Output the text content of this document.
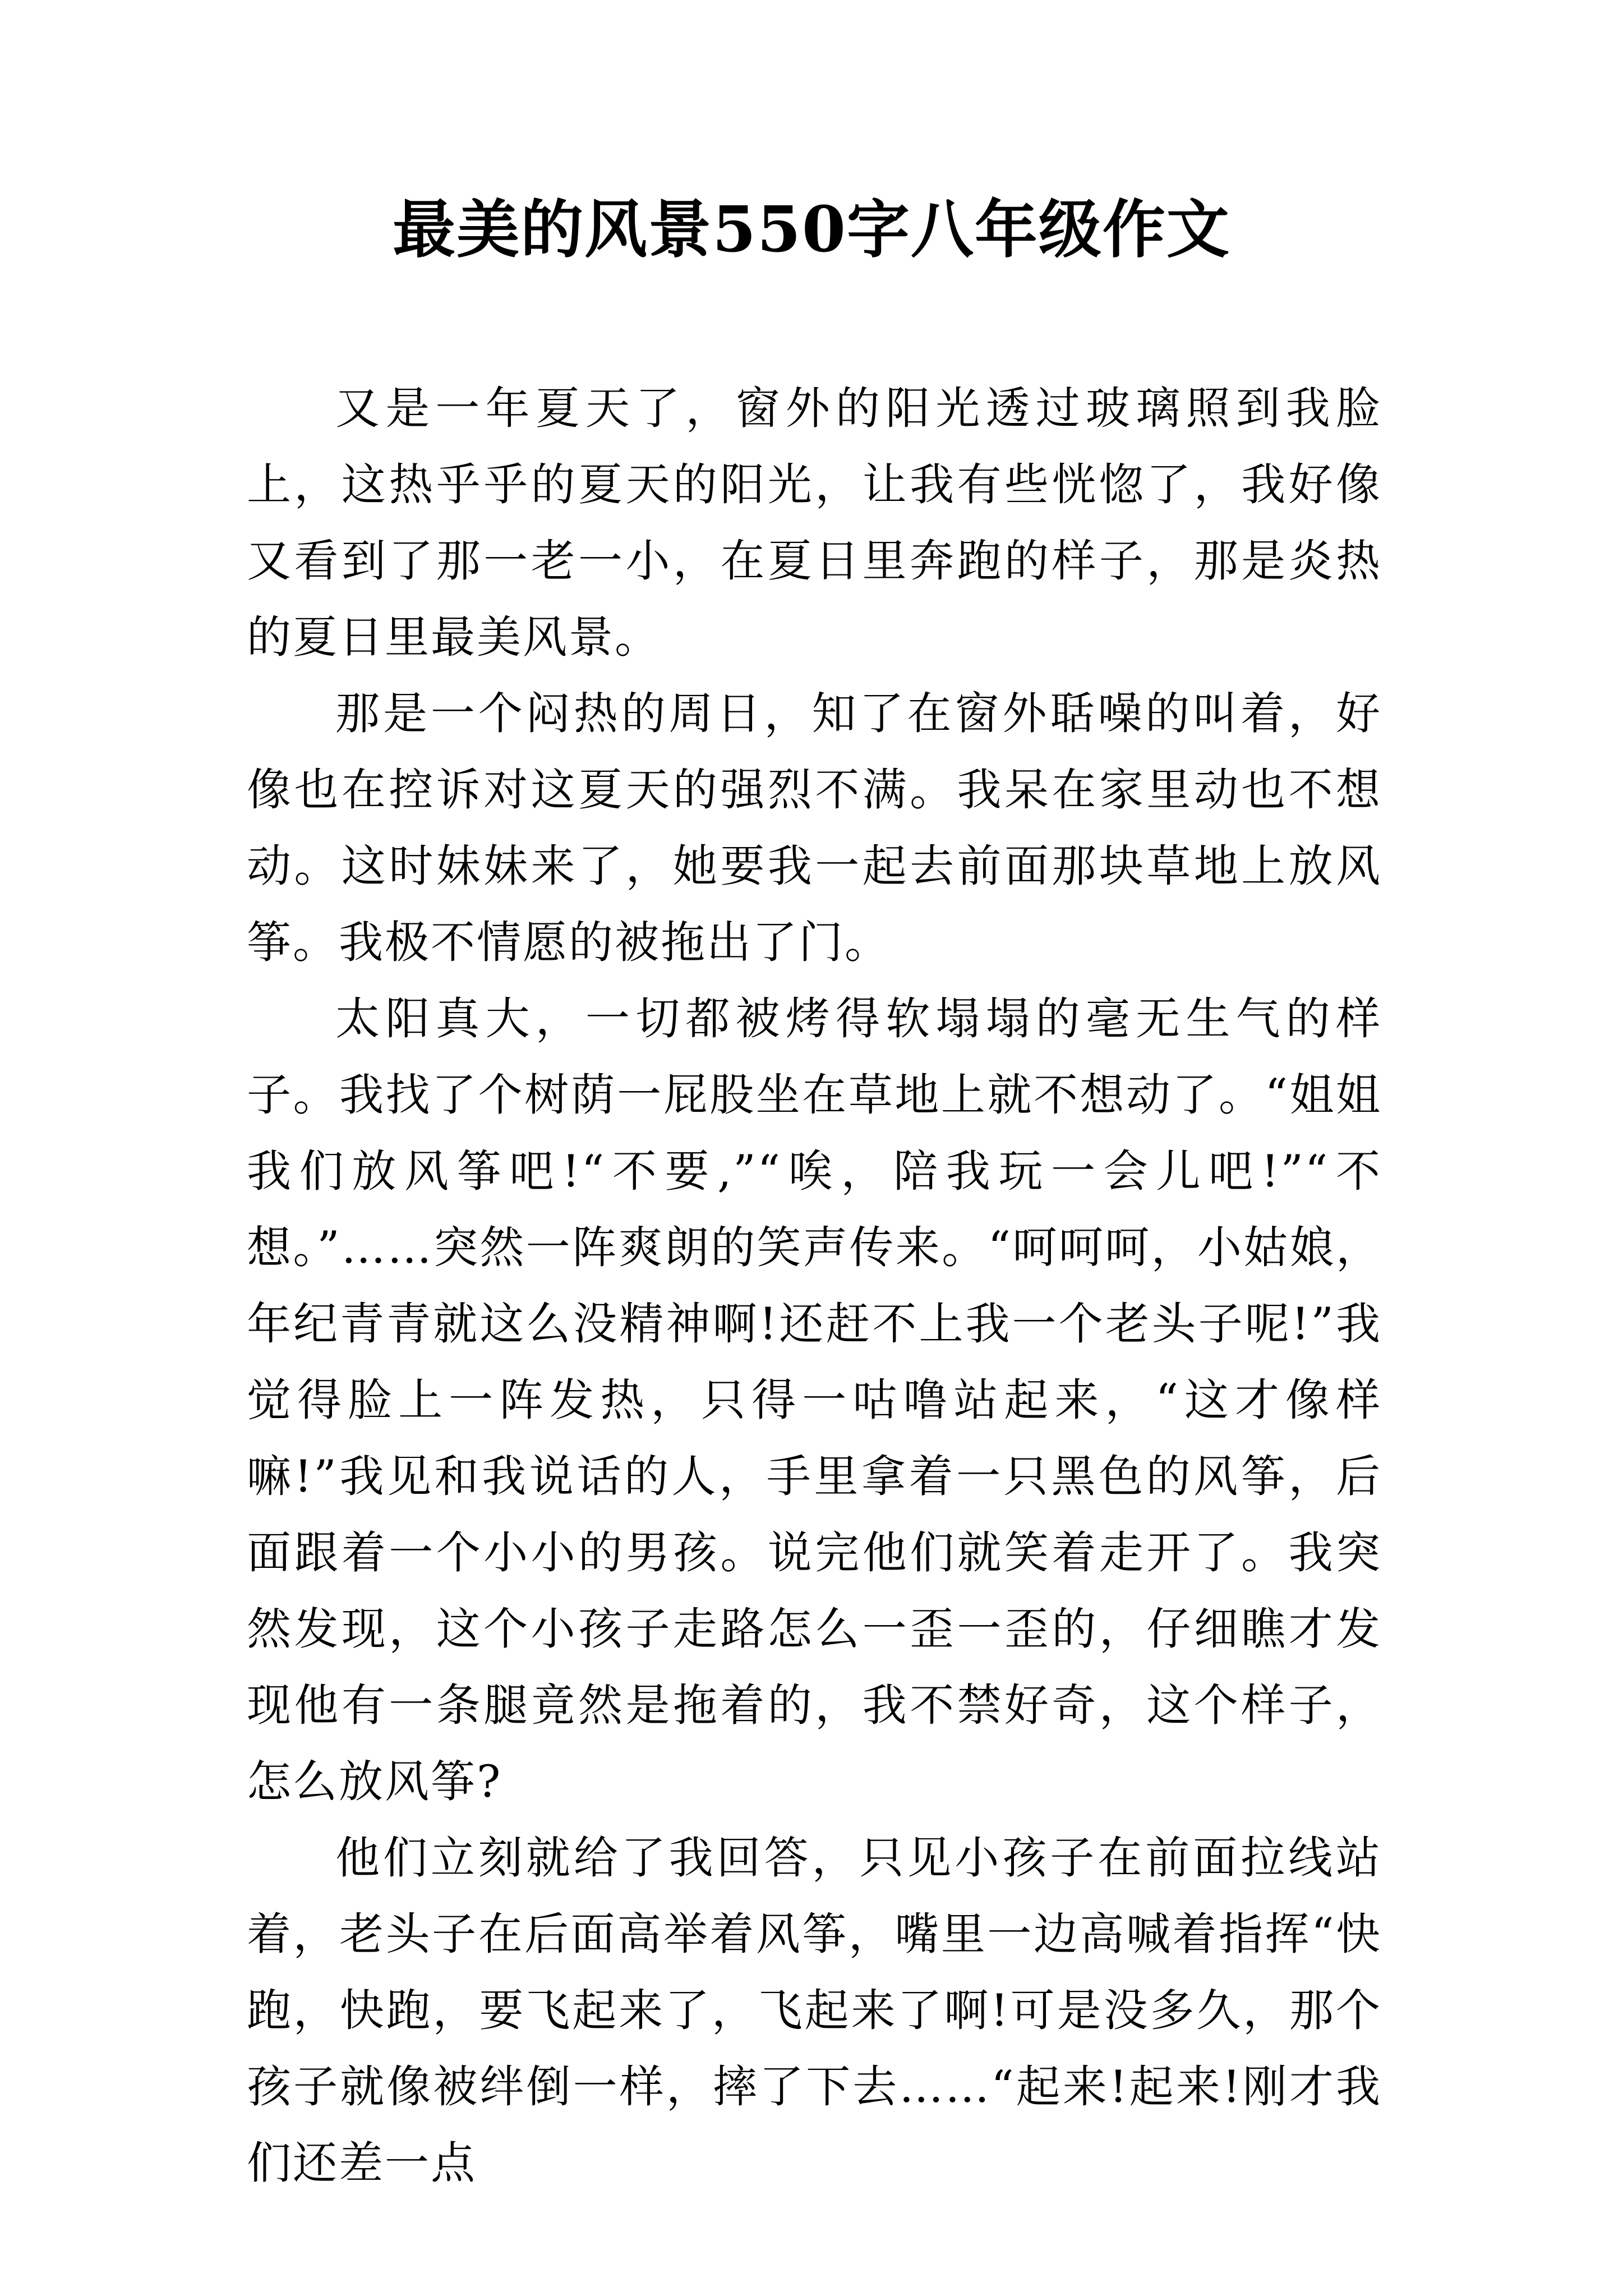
最美的风景550字八年级作文

又是一年夏天了，窗外的阳光透过玻璃照到我脸上，这热乎乎的夏天的阳光，让我有些恍惚了，我好像又看到了那一老一小，在夏日里奔跑的样子，那是炎热的夏日里最美风景。

那是一个闷热的周日，知了在窗外聒噪的叫着，好像也在控诉对这夏天的强烈不满。我呆在家里动也不想动。这时妹妹来了，她要我一起去前面那块草地上放风筝。我极不情愿的被拖出了门。

太阳真大，一切都被烤得软塌塌的毫无生气的样子。我找了个树荫一屁股坐在草地上就不想动了。“姐姐我们放风筝吧!“不要,”“唉，陪我玩一会儿吧!”“不想。”……突然一阵爽朗的笑声传来。“呵呵呵，小姑娘，年纪青青就这么没精神啊!还赶不上我一个老头子呢!”我觉得脸上一阵发热，只得一咕噜站起来，“这才像样嘛!”我见和我说话的人，手里拿着一只黑色的风筝，后面跟着一个小小的男孩。说完他们就笑着走开了。我突然发现，这个小孩子走路怎么一歪一歪的，仔细瞧才发现他有一条腿竟然是拖着的，我不禁好奇，这个样子，怎么放风筝?

他们立刻就给了我回答，只见小孩子在前面拉线站着，老头子在后面高举着风筝，嘴里一边高喊着指挥“快跑，快跑，要飞起来了，飞起来了啊!可是没多久，那个孩子就像被绊倒一样，摔了下去……“起来!起来!刚才我们还差一点
